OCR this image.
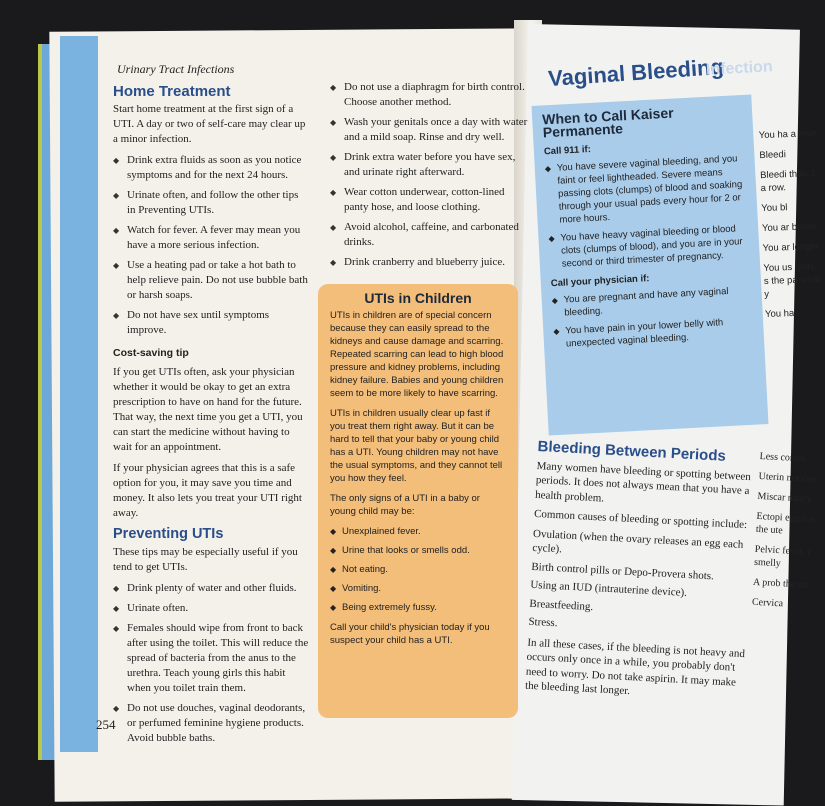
Urinary Tract Infections
Home Treatment

Start home treatment at the first sign of a UTI. A day or two of self-care may clear up a minor infection.

◆ Drink extra fluids as soon as you notice symptoms and for the next 24 hours.
◆ Urinate often, and follow the other tips in Preventing UTIs.
◆ Watch for fever. A fever may mean you have a more serious infection.
◆ Use a heating pad or take a hot bath to help relieve pain. Do not use bubble bath or harsh soaps.
◆ Do not have sex until symptoms improve.
Cost-saving tip

If you get UTIs often, ask your physician whether it would be okay to get an extra prescription to have on hand for the future. That way, the next time you get a UTI, you can start the medicine without having to wait for an appointment.

If your physician agrees that this is a safe option for you, it may save you time and money. It also lets you treat your UTI right away.

Preventing UTIs

These tips may be especially useful if you tend to get UTIs.

◆ Drink plenty of water and other fluids.
◆ Urinate often.
◆ Females should wipe from front to back after using the toilet. This will reduce the spread of bacteria from the anus to the urethra. Teach young girls this habit when you toilet train them.
◆ Do not use douches, vaginal deodorants, or perfumed feminine hygiene products. Avoid bubble baths.
◆ Do not use a diaphragm for birth control. Choose another method.
◆ Wash your genitals once a day with water and a mild soap. Rinse and dry well.
◆ Drink extra water before you have sex, and urinate right afterward.
◆ Wear cotton underwear, cotton-lined panty hose, and loose clothing.
◆ Avoid alcohol, caffeine, and carbonated drinks.
◆ Drink cranberry and blueberry juice.
UTIs in Children

UTIs in children are of special concern because they can easily spread to the kidneys and cause damage and scarring. Repeated scarring can lead to high blood pressure and kidney problems, including kidney failure. Babies and young children seem to be more likely to have scarring.

UTIs in children usually clear up fast if you treat them right away. But it can be hard to tell that your baby or young child has a UTI. Young children may not have the usual symptoms, and they cannot tell you how they feel.

The only signs of a UTI in a baby or young child may be:

◆ Unexplained fever.
◆ Urine that looks or smells odd.
◆ Not eating.
◆ Vomiting.
◆ Being extremely fussy.

Call your child's physician today if you suspect your child has a UTI.

254
Vaginal Bleeding
Infection
When to Call Kaiser Permanente
Call 911 if:
◆ You have severe vaginal bleeding, and you faint or feel lightheaded. Severe means passing clots (clumps) of blood and soaking through your usual pads every hour for 2 or more hours.
◆ You have heavy vaginal bleeding or blood clots (clumps of blood), and you are in your second or third trimester of pregnancy.
Call your physician if:
◆ You are pregnant and have any vaginal bleeding.
◆ You have pain in your lower belly with unexpected vaginal bleeding.
You ha a feve
Bleedi
Bleedi than 1 a row.
You bl
You ar betwe
You ar longer
You us (pills, s the pa what y
You ha
Bleeding Between Periods

Many women have bleeding or spotting between periods. It does not always mean that you have a health problem.

Common causes of bleeding or spotting include:

Ovulation (when the ovary releases an egg each cycle).
Birth control pills or Depo-Provera shots.
Using an IUD (intrauterine device).
Breastfeeding.
Stress.

In all these cases, if the bleeding is not heavy and occurs only once in a while, you probably don't need to worry. Do not take aspirin. It may make the bleeding last longer.

Less comm
Uterin not can
Miscar nancy
Ectopi egg has the ute
Pelvic fever, c smelly
A prob the ute
Cervica
